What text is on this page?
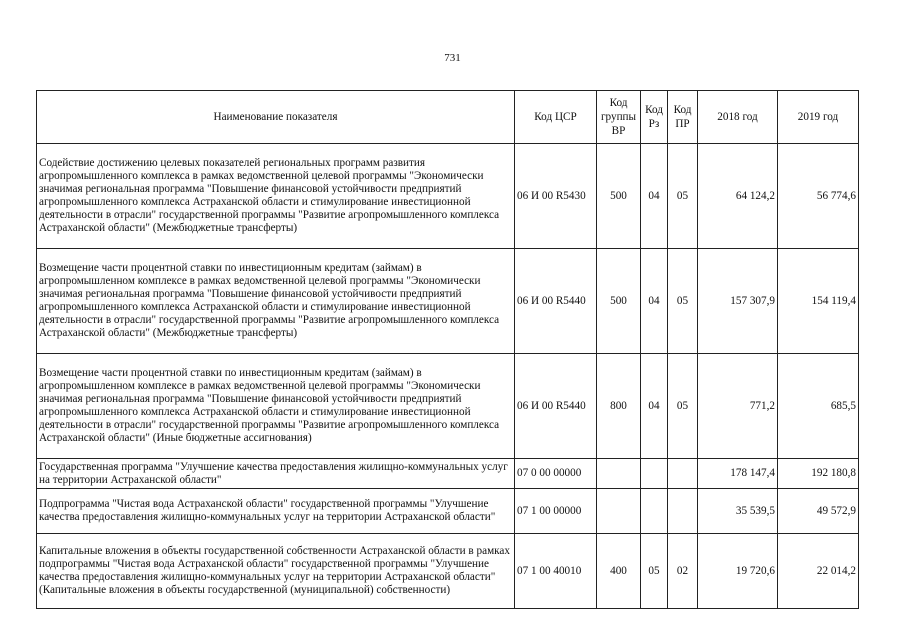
731
Наименование показателя	Код ЦСР	Код группы ВР	Код Рз	Код ПР	2018 год	2019 год
Содействие достижению целевых показателей региональных программ развития агропромышленного комплекса в рамках ведомственной целевой программы "Экономически значимая региональная программа "Повышение финансовой устойчивости предприятий агропромышленного комплекса Астраханской области и стимулирование инвестиционной деятельности в отрасли" государственной программы "Развитие агропромышленного комплекса Астраханской области" (Межбюджетные трансферты)	06 И 00 R5430	500	04	05	64 124,2	56 774,6
Возмещение части процентной ставки по инвестиционным кредитам (займам) в агропромышленном комплексе в рамках ведомственной целевой программы "Экономически значимая региональная программа "Повышение финансовой устойчивости предприятий агропромышленного комплекса Астраханской области и стимулирование инвестиционной деятельности в отрасли" государственной программы "Развитие агропромышленного комплекса Астраханской области" (Межбюджетные трансферты)	06 И 00 R5440	500	04	05	157 307,9	154 119,4
Возмещение части процентной ставки по инвестиционным кредитам (займам) в агропромышленном комплексе в рамках ведомственной целевой программы "Экономически значимая региональная программа "Повышение финансовой устойчивости предприятий агропромышленного комплекса Астраханской области и стимулирование инвестиционной деятельности в отрасли" государственной программы "Развитие агропромышленного комплекса Астраханской области" (Иные бюджетные ассигнования)	06 И 00 R5440	800	04	05	771,2	685,5
Государственная программа "Улучшение качества предоставления жилищно-коммунальных услуг на территории Астраханской области"	07 0 00 00000				178 147,4	192 180,8
Подпрограмма "Чистая вода Астраханской области" государственной программы "Улучшение качества предоставления жилищно-коммунальных услуг на территории Астраханской области"	07 1 00 00000				35 539,5	49 572,9
Капитальные вложения в объекты государственной собственности Астраханской области в рамках подпрограммы "Чистая вода Астраханской области" государственной программы "Улучшение качества предоставления жилищно-коммунальных услуг на территории Астраханской области" (Капитальные вложения в объекты государственной (муниципальной) собственности)	07 1 00 40010	400	05	02	19 720,6	22 014,2
